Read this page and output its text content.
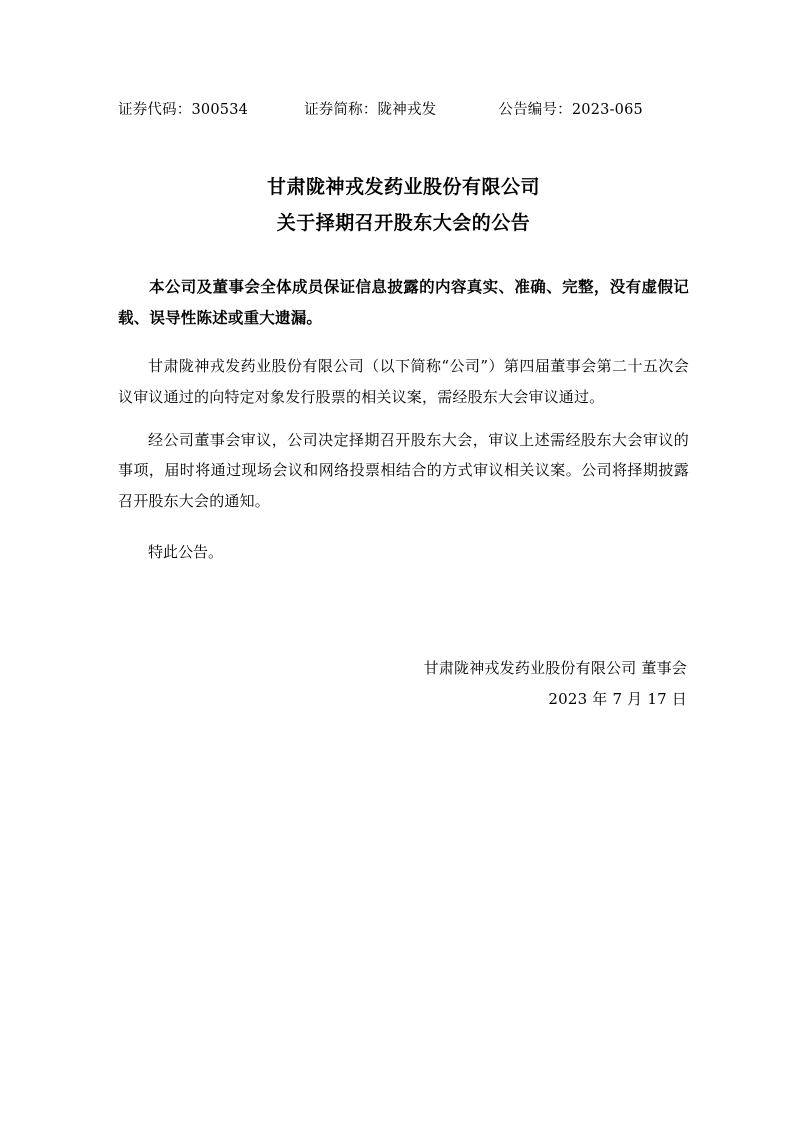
证券代码：300534	证券简称：陇神戎发	公告编号：2023-065
甘肃陇神戎发药业股份有限公司
关于择期召开股东大会的公告
本公司及董事会全体成员保证信息披露的内容真实、准确、完整，没有虚假记载、误导性陈述或重大遗漏。
甘肃陇神戎发药业股份有限公司（以下简称“公司”）第四届董事会第二十五次会议审议通过的向特定对象发行股票的相关议案，需经股东大会审议通过。
经公司董事会审议，公司决定择期召开股东大会，审议上述需经股东大会审议的事项，届时将通过现场会议和网络投票相结合的方式审议相关议案。公司将择期披露召开股东大会的通知。
特此公告。
甘肃陇神戎发药业股份有限公司 董事会
2023 年 7 月 17 日
